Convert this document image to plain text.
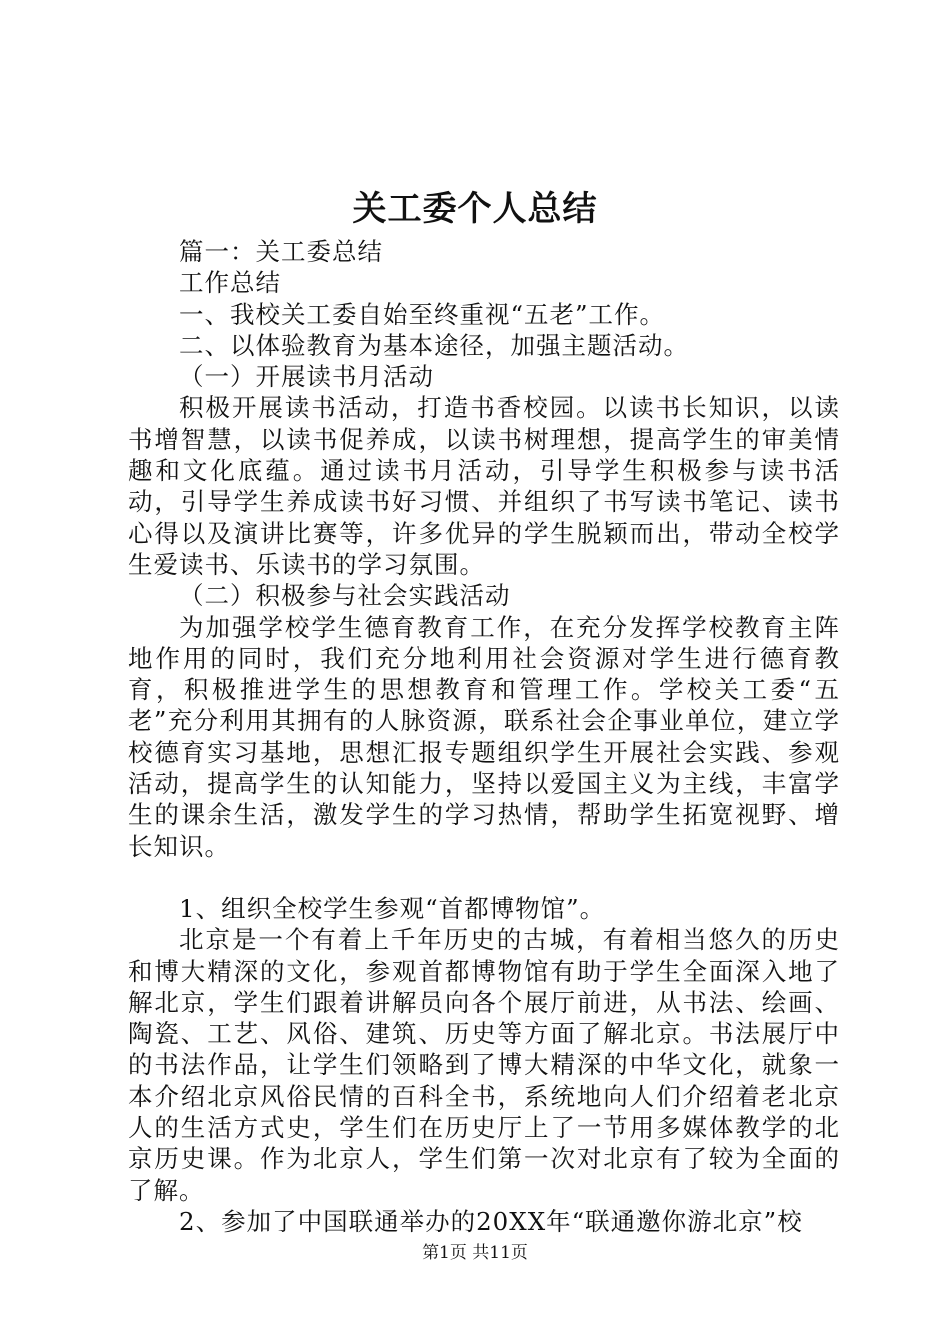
关工委个人总结

篇一：关工委总结

工作总结

一、我校关工委自始至终重视“五老”工作。

二、以体验教育为基本途径，加强主题活动。

（一）开展读书月活动

积极开展读书活动，打造书香校园。以读书长知识，以读书增智慧，以读书促养成，以读书树理想，提高学生的审美情趣和文化底蕴。通过读书月活动，引导学生积极参与读书活动，引导学生养成读书好习惯、并组织了书写读书笔记、读书心得以及演讲比赛等，许多优异的学生脱颖而出，带动全校学生爱读书、乐读书的学习氛围。

（二）积极参与社会实践活动

为加强学校学生德育教育工作，在充分发挥学校教育主阵地作用的同时，我们充分地利用社会资源对学生进行德育教育，积极推进学生的思想教育和管理工作。学校关工委“五老”充分利用其拥有的人脉资源，联系社会企事业单位，建立学校德育实习基地，思想汇报专题组织学生开展社会实践、参观活动，提高学生的认知能力，坚持以爱国主义为主线，丰富学生的课余生活，激发学生的学习热情，帮助学生拓宽视野、增长知识。

1、组织全校学生参观“首都博物馆”。

北京是一个有着上千年历史的古城，有着相当悠久的历史和博大精深的文化，参观首都博物馆有助于学生全面深入地了解北京，学生们跟着讲解员向各个展厅前进，从书法、绘画、陶瓷、工艺、风俗、建筑、历史等方面了解北京。书法展厅中的书法作品，让学生们领略到了博大精深的中华文化，就象一本介绍北京风俗民情的百科全书，系统地向人们介绍着老北京人的生活方式史，学生们在历史厅上了一节用多媒体教学的北京历史课。作为北京人，学生们第一次对北京有了较为全面的了解。

2、参加了中国联通举办的20XX年“联通邀你游北京”校

第1页 共11页
